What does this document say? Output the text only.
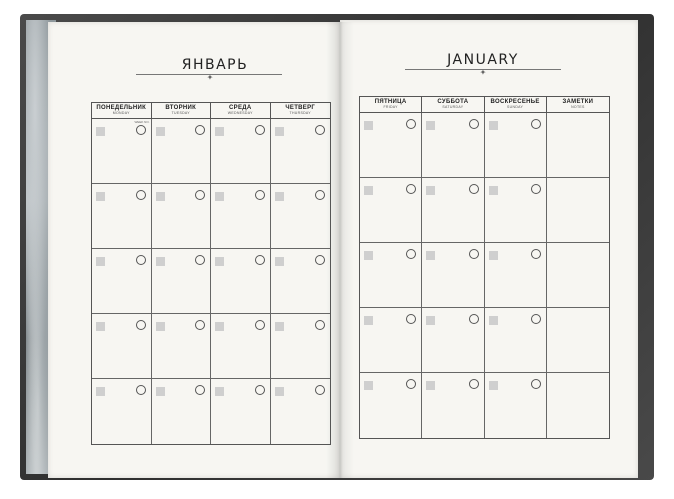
ЯНВАРЬ
✦
JANUARY
✦
ПОНЕДЕЛЬНИК
MONDAY
ВТОРНИК
TUESDAY
СРЕДА
WEDNESDAY
ЧЕТВЕРГ
THURSDAY
WEEK NO.
ПЯТНИЦА
FRIDAY
СУББОТА
SATURDAY
ВОСКРЕСЕНЬЕ
SUNDAY
ЗАМЕТКИ
NOTES
